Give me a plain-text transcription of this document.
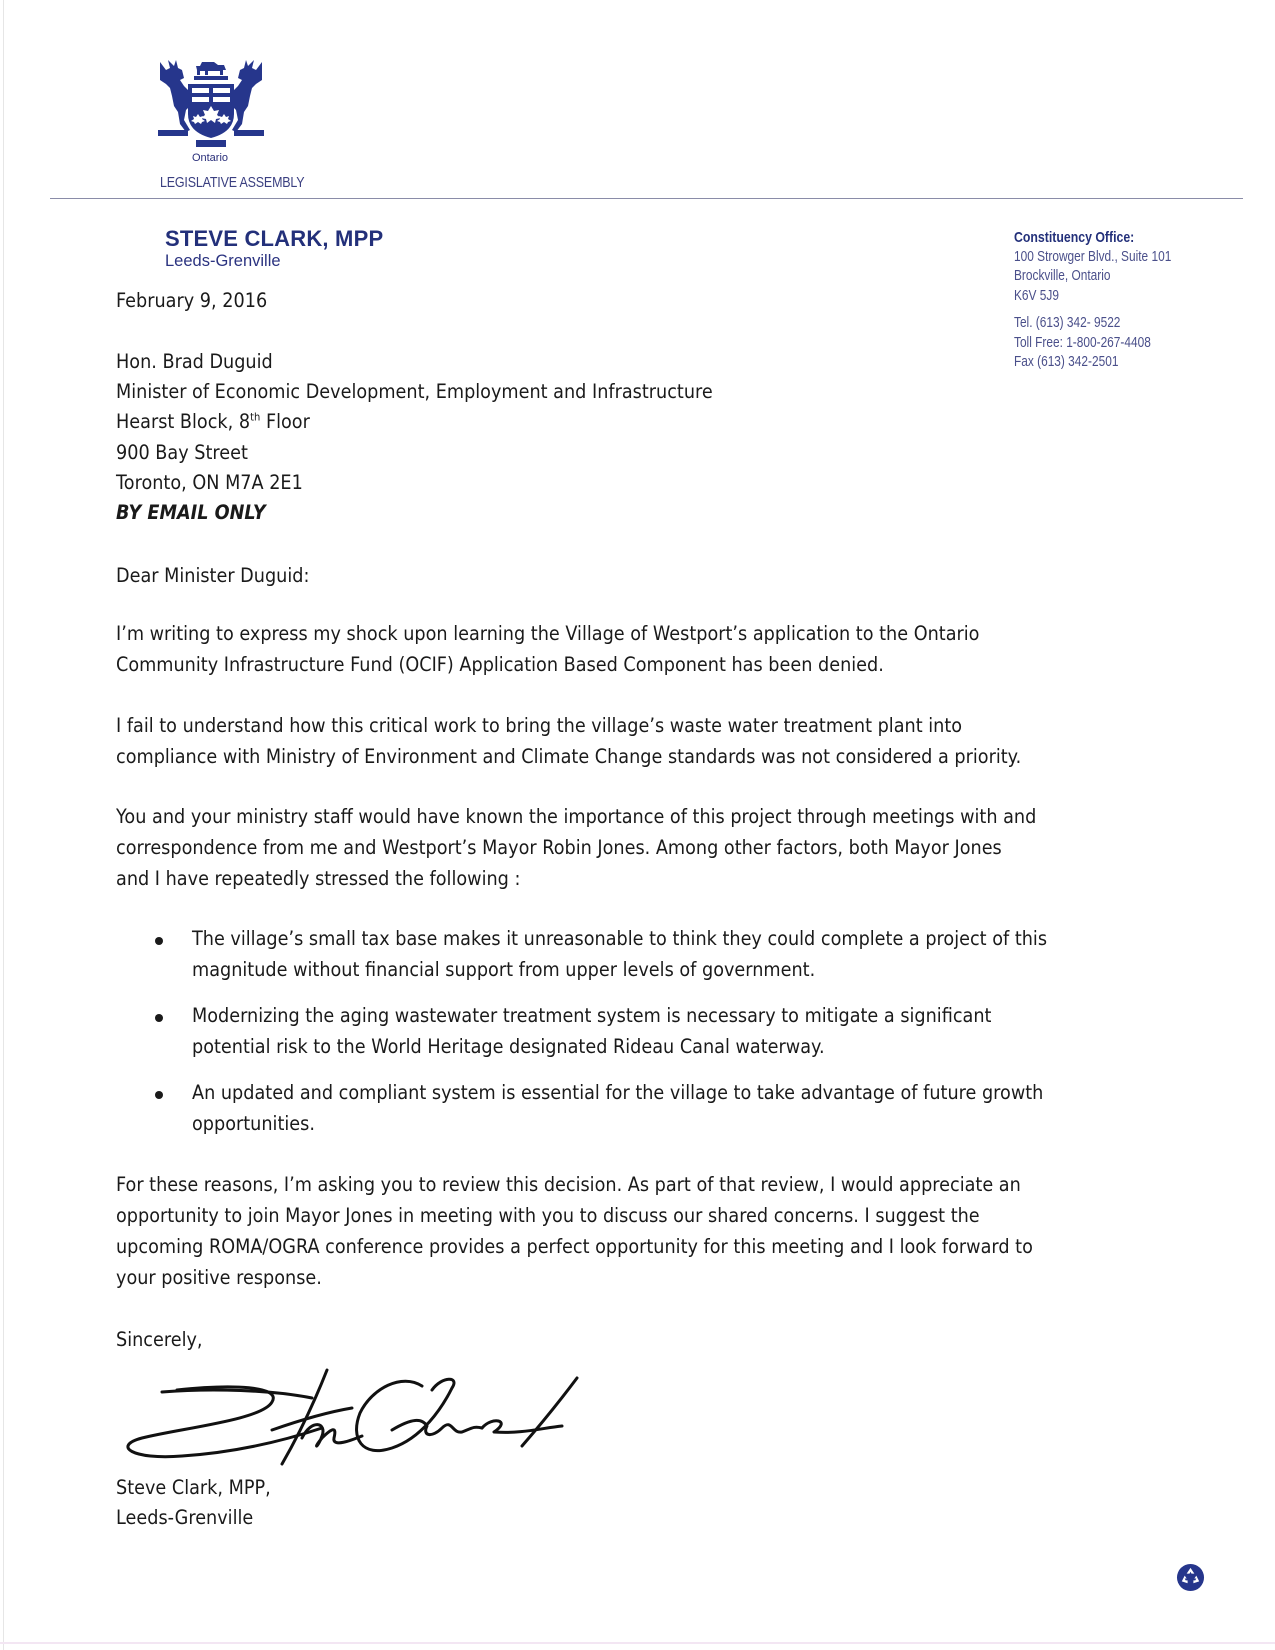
Ontario
LEGISLATIVE ASSEMBLY
STEVE CLARK, MPP
Leeds-Grenville
Constituency Office:
100 Strowger Blvd., Suite 101
Brockville, Ontario
K6V 5J9
Tel. (613) 342- 9522
Toll Free: 1-800-267-4408
Fax (613) 342-2501
February 9, 2016
Hon. Brad Duguid
Minister of Economic Development, Employment and Infrastructure
Hearst Block, 8th Floor
900 Bay Street
Toronto, ON M7A 2E1
BY EMAIL ONLY
Dear Minister Duguid:
I’m writing to express my shock upon learning the Village of Westport’s application to the Ontario
Community Infrastructure Fund (OCIF) Application Based Component has been denied.
I fail to understand how this critical work to bring the village’s waste water treatment plant into
compliance with Ministry of Environment and Climate Change standards was not considered a priority.
You and your ministry staff would have known the importance of this project through meetings with and
correspondence from me and Westport’s Mayor Robin Jones. Among other factors, both Mayor Jones
and I have repeatedly stressed the following :
The village’s small tax base makes it unreasonable to think they could complete a project of this
magnitude without financial support from upper levels of government.
Modernizing the aging wastewater treatment system is necessary to mitigate a significant
potential risk to the World Heritage designated Rideau Canal waterway.
An updated and compliant system is essential for the village to take advantage of future growth
opportunities.
For these reasons, I’m asking you to review this decision. As part of that review, I would appreciate an
opportunity to join Mayor Jones in meeting with you to discuss our shared concerns. I suggest the
upcoming ROMA/OGRA conference provides a perfect opportunity for this meeting and I look forward to
your positive response.
Sincerely,
Steve Clark, MPP,
Leeds-Grenville
